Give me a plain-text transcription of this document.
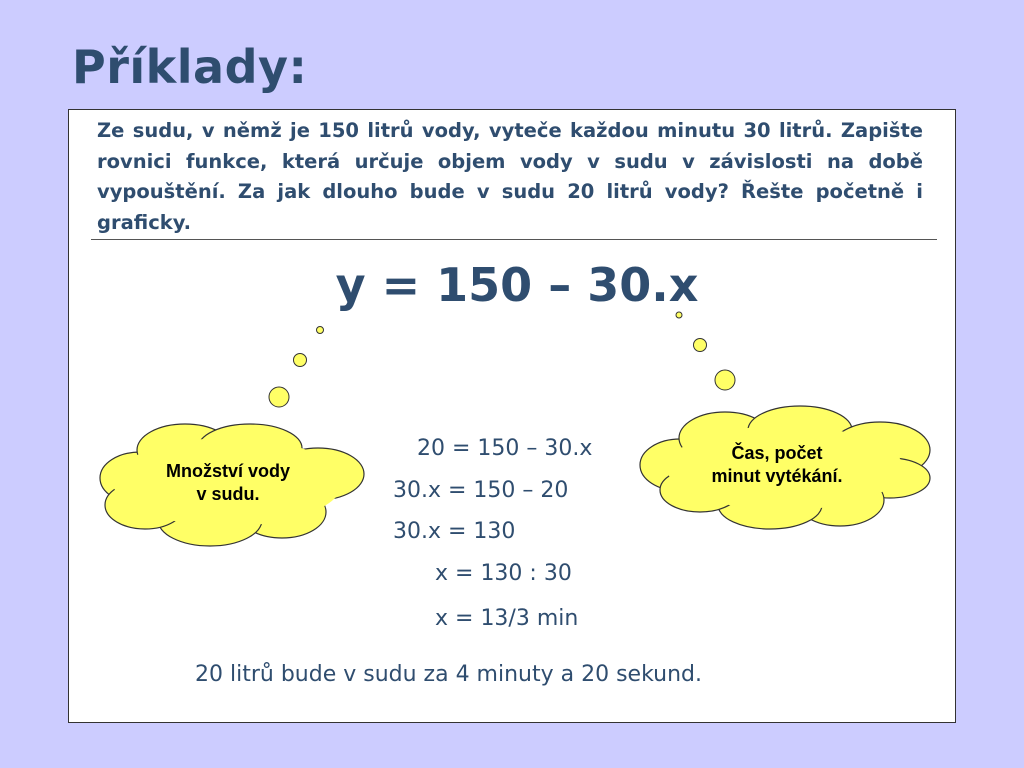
Příklady:
Ze sudu, v němž je 150 litrů vody, vyteče každou minutu 30 litrů. Zapište rovnici funkce, která určuje objem vody v sudu v závislosti na době vypouštění. Za jak dlouho bude v sudu 20 litrů vody? Řešte početně i graficky.
y = 150 – 30.x
20 = 150 – 30.x
30.x = 150 – 20
30.x = 130
x = 130 : 30
x = 13/3 min
20 litrů bude v sudu za 4 minuty a 20 sekund.
Množství vody
v sudu.
Čas, počet
minut vytékání.
